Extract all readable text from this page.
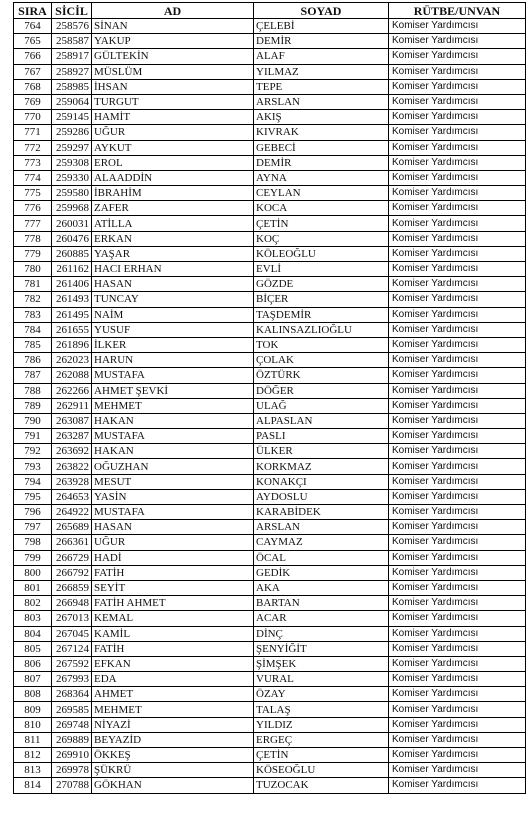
SIRA	SİCİL	AD	SOYAD	RÜTBE/UNVAN
764	258576	SİNAN	ÇELEBİ	Komiser Yardımcısı
765	258587	YAKUP	DEMİR	Komiser Yardımcısı
766	258917	GÜLTEKİN	ALAF	Komiser Yardımcısı
767	258927	MÜSLÜM	YILMAZ	Komiser Yardımcısı
768	258985	İHSAN	TEPE	Komiser Yardımcısı
769	259064	TURGUT	ARSLAN	Komiser Yardımcısı
770	259145	HAMİT	AKIŞ	Komiser Yardımcısı
771	259286	UĞUR	KIVRAK	Komiser Yardımcısı
772	259297	AYKUT	GEBECİ	Komiser Yardımcısı
773	259308	EROL	DEMİR	Komiser Yardımcısı
774	259330	ALAADDİN	AYNA	Komiser Yardımcısı
775	259580	İBRAHİM	CEYLAN	Komiser Yardımcısı
776	259968	ZAFER	KOCA	Komiser Yardımcısı
777	260031	ATİLLA	ÇETİN	Komiser Yardımcısı
778	260476	ERKAN	KOÇ	Komiser Yardımcısı
779	260885	YAŞAR	KÖLEOĞLU	Komiser Yardımcısı
780	261162	HACI ERHAN	EVLİ	Komiser Yardımcısı
781	261406	HASAN	GÖZDE	Komiser Yardımcısı
782	261493	TUNCAY	BİÇER	Komiser Yardımcısı
783	261495	NAİM	TAŞDEMİR	Komiser Yardımcısı
784	261655	YUSUF	KALINSAZLIOĞLU	Komiser Yardımcısı
785	261896	İLKER	TOK	Komiser Yardımcısı
786	262023	HARUN	ÇOLAK	Komiser Yardımcısı
787	262088	MUSTAFA	ÖZTÜRK	Komiser Yardımcısı
788	262266	AHMET ŞEVKİ	DÖĞER	Komiser Yardımcısı
789	262911	MEHMET	ULAĞ	Komiser Yardımcısı
790	263087	HAKAN	ALPASLAN	Komiser Yardımcısı
791	263287	MUSTAFA	PASLI	Komiser Yardımcısı
792	263692	HAKAN	ÜLKER	Komiser Yardımcısı
793	263822	OĞUZHAN	KORKMAZ	Komiser Yardımcısı
794	263928	MESUT	KONAKÇI	Komiser Yardımcısı
795	264653	YASİN	AYDOSLU	Komiser Yardımcısı
796	264922	MUSTAFA	KARABİDEK	Komiser Yardımcısı
797	265689	HASAN	ARSLAN	Komiser Yardımcısı
798	266361	UĞUR	CAYMAZ	Komiser Yardımcısı
799	266729	HADİ	ÖCAL	Komiser Yardımcısı
800	266792	FATİH	GEDİK	Komiser Yardımcısı
801	266859	SEYİT	AKA	Komiser Yardımcısı
802	266948	FATİH AHMET	BARTAN	Komiser Yardımcısı
803	267013	KEMAL	ACAR	Komiser Yardımcısı
804	267045	KAMİL	DİNÇ	Komiser Yardımcısı
805	267124	FATİH	ŞENYİĞİT	Komiser Yardımcısı
806	267592	EFKAN	ŞİMŞEK	Komiser Yardımcısı
807	267993	EDA	VURAL	Komiser Yardımcısı
808	268364	AHMET	ÖZAY	Komiser Yardımcısı
809	269585	MEHMET	TALAŞ	Komiser Yardımcısı
810	269748	NİYAZİ	YILDIZ	Komiser Yardımcısı
811	269889	BEYAZİD	ERGEÇ	Komiser Yardımcısı
812	269910	ÖKKEŞ	ÇETİN	Komiser Yardımcısı
813	269978	ŞÜKRÜ	KÖSEOĞLU	Komiser Yardımcısı
814	270788	GÖKHAN	TUZOCAK	Komiser Yardımcısı
